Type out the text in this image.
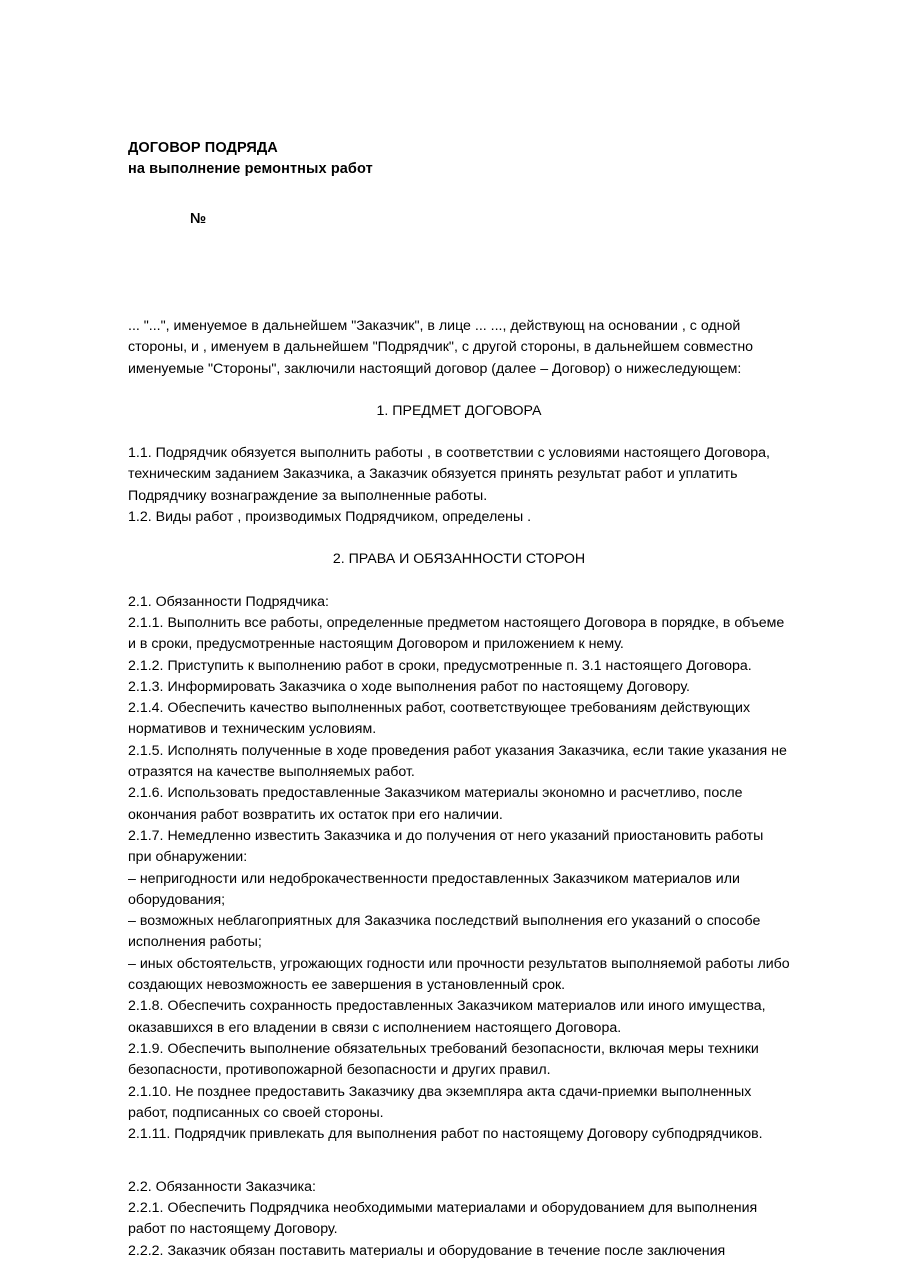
ДОГОВОР ПОДРЯДА
на выполнение ремонтных работ
№

... "...", именуемое в дальнейшем "Заказчик", в лице ... ..., действующ на основании , с одной стороны, и , именуем в дальнейшем "Подрядчик", с другой стороны, в дальнейшем совместно именуемые "Стороны", заключили настоящий договор (далее – Договор) о нижеследующем:

1. ПРЕДМЕТ ДОГОВОРА

1.1. Подрядчик обязуется выполнить работы , в соответствии с условиями настоящего Договора, техническим заданием Заказчика, а Заказчик обязуется принять результат работ и уплатить Подрядчику вознаграждение за выполненные работы.

1.2. Виды работ , производимых Подрядчиком, определены .

2. ПРАВА И ОБЯЗАННОСТИ СТОРОН

2.1. Обязанности Подрядчика:

2.1.1. Выполнить все работы, определенные предметом настоящего Договора в порядке, в объеме и в сроки, предусмотренные настоящим Договором и приложением к нему.

2.1.2. Приступить к выполнению работ в сроки, предусмотренные п. 3.1 настоящего Договора.

2.1.3. Информировать Заказчика о ходе выполнения работ по настоящему Договору.

2.1.4. Обеспечить качество выполненных работ, соответствующее требованиям действующих нормативов и техническим условиям.

2.1.5. Исполнять полученные в ходе проведения работ указания Заказчика, если такие указания не отразятся на качестве выполняемых работ.

2.1.6. Использовать предоставленные Заказчиком материалы экономно и расчетливо, после окончания работ возвратить их остаток при его наличии.

2.1.7. Немедленно известить Заказчика и до получения от него указаний приостановить работы при обнаружении:

– непригодности или недоброкачественности предоставленных Заказчиком материалов или оборудования;

– возможных неблагоприятных для Заказчика последствий выполнения его указаний о способе исполнения работы;

– иных обстоятельств, угрожающих годности или прочности результатов выполняемой работы либо создающих невозможность ее завершения в установленный срок.

2.1.8. Обеспечить сохранность предоставленных Заказчиком материалов или иного имущества, оказавшихся в его владении в связи с исполнением настоящего Договора.

2.1.9. Обеспечить выполнение обязательных требований безопасности, включая меры техники безопасности, противопожарной безопасности и других правил.

2.1.10. Не позднее предоставить Заказчику два экземпляра акта сдачи-приемки выполненных работ, подписанных со своей стороны.

2.1.11. Подрядчик привлекать для выполнения работ по настоящему Договору субподрядчиков.

2.2. Обязанности Заказчика:

2.2.1. Обеспечить Подрядчика необходимыми материалами и оборудованием для выполнения работ по настоящему Договору.

2.2.2. Заказчик обязан поставить материалы и оборудование в течение после заключения
